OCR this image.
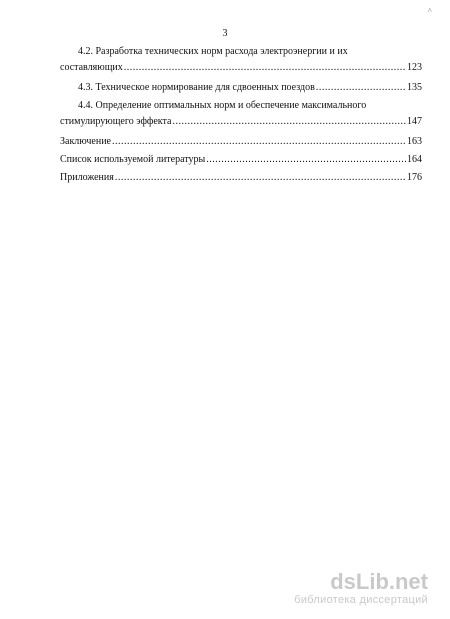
˄
3
4.2. Разработка технических норм расхода электроэнергии и их
составляющих .....	123
4.3. Техническое нормирование для сдвоенных поездов .....	135
4.4. Определение оптимальных норм и обеспечение максимального
стимулирующего эффекта .....	147
Заключение .....	163
Список используемой литературы .....	164
Приложения .....	176
dsLib.net
библиотека диссертаций
